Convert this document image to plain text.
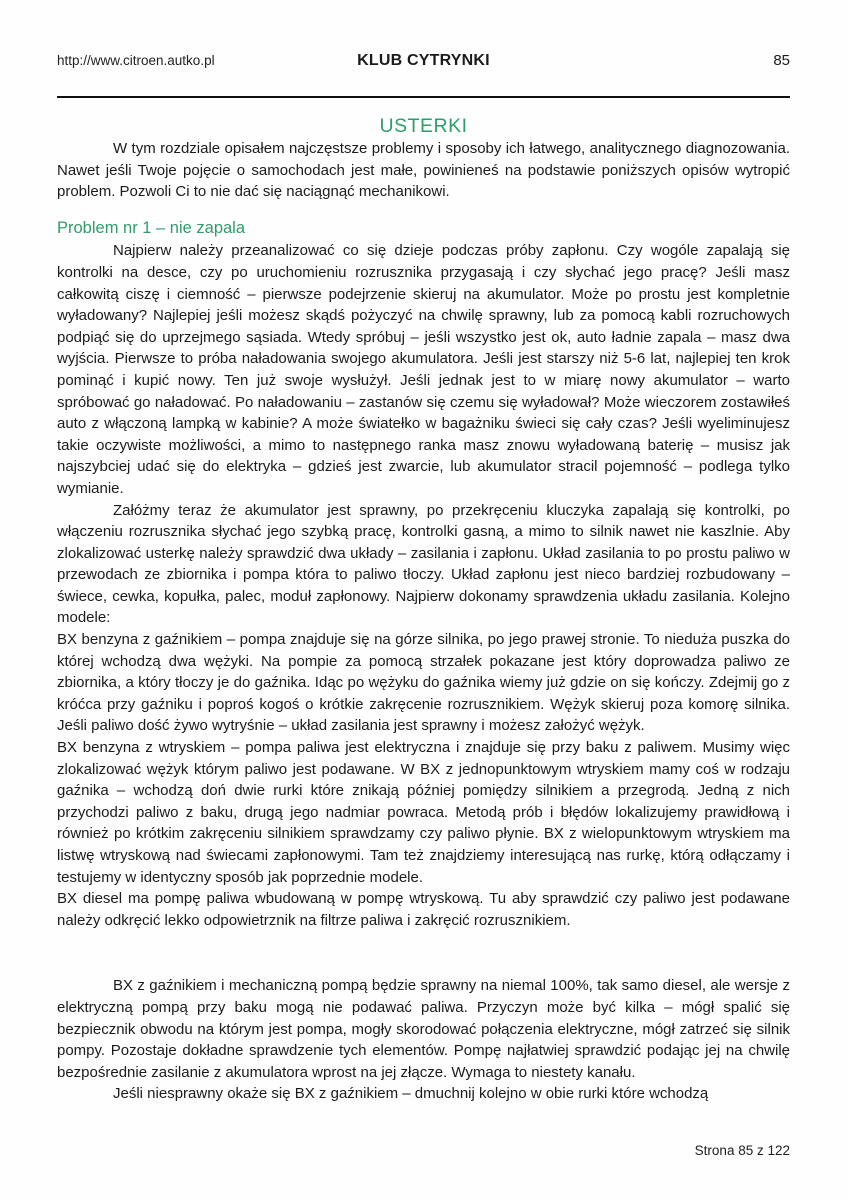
http://www.citroen.autko.pl	KLUB CYTRYNKI	85
USTERKI

W tym rozdziale opisałem najczęstsze problemy i sposoby ich łatwego, analitycznego diagnozowania. Nawet jeśli Twoje pojęcie o samochodach jest małe, powinieneś na podstawie poniższych opisów wytropić problem. Pozwoli Ci to nie dać się naciągnąć mechanikowi.

Problem nr 1 – nie zapala

Najpierw należy przeanalizować co się dzieje podczas próby zapłonu. Czy wogóle zapalają się kontrolki na desce, czy po uruchomieniu rozrusznika przygasają i czy słychać jego pracę? Jeśli masz całkowitą ciszę i ciemność – pierwsze podejrzenie skieruj na akumulator. Może po prostu jest kompletnie wyładowany? Najlepiej jeśli możesz skądś pożyczyć na chwilę sprawny, lub za pomocą kabli rozruchowych podpiąć się do uprzejmego sąsiada. Wtedy spróbuj – jeśli wszystko jest ok, auto ładnie zapala – masz dwa wyjścia. Pierwsze to próba naładowania swojego akumulatora. Jeśli jest starszy niż 5-6 lat, najlepiej ten krok pominąć i kupić nowy. Ten już swoje wysłużył. Jeśli jednak jest to w miarę nowy akumulator – warto spróbować go naładować. Po naładowaniu – zastanów się czemu się wyładował? Może wieczorem zostawiłeś auto z włączoną lampką w kabinie? A może światełko w bagażniku świeci się cały czas? Jeśli wyeliminujesz takie oczywiste możliwości, a mimo to następnego ranka masz znowu wyładowaną baterię – musisz jak najszybciej udać się do elektryka – gdzieś jest zwarcie, lub akumulator stracil pojemność – podlega tylko wymianie.

Załóżmy teraz że akumulator jest sprawny, po przekręceniu kluczyka zapalają się kontrolki, po włączeniu rozrusznika słychać jego szybką pracę, kontrolki gasną, a mimo to silnik nawet nie kaszlnie. Aby zlokalizować usterkę należy sprawdzić dwa układy – zasilania i zapłonu. Układ zasilania to po prostu paliwo w przewodach ze zbiornika i pompa która to paliwo tłoczy. Układ zapłonu jest nieco bardziej rozbudowany – świece, cewka, kopułka, palec, moduł zapłonowy. Najpierw dokonamy sprawdzenia układu zasilania. Kolejno modele:

BX benzyna z gaźnikiem – pompa znajduje się na górze silnika, po jego prawej stronie. To nieduża puszka do której wchodzą dwa wężyki. Na pompie za pomocą strzałek pokazane jest który doprowadza paliwo ze zbiornika, a który tłoczy je do gaźnika. Idąc po wężyku do gaźnika wiemy już gdzie on się kończy. Zdejmij go z króćca przy gaźniku i poproś kogoś o krótkie zakręcenie rozrusznikiem. Wężyk skieruj poza komorę silnika. Jeśli paliwo dość żywo wytryśnie – układ zasilania jest sprawny i możesz założyć wężyk.

BX benzyna z wtryskiem – pompa paliwa jest elektryczna i znajduje się przy baku z paliwem. Musimy więc zlokalizować wężyk którym paliwo jest podawane. W BX z jednopunktowym wtryskiem mamy coś w rodzaju gaźnika – wchodzą doń dwie rurki które znikają później pomiędzy silnikiem a przegrodą. Jedną z nich przychodzi paliwo z baku, drugą jego nadmiar powraca. Metodą prób i błędów lokalizujemy prawidłową i również po krótkim zakręceniu silnikiem sprawdzamy czy paliwo płynie. BX z wielopunktowym wtryskiem ma listwę wtryskową nad świecami zapłonowymi. Tam też znajdziemy interesującą nas rurkę, którą odłączamy i testujemy w identyczny sposób jak poprzednie modele.

BX diesel ma pompę paliwa wbudowaną w pompę wtryskową. Tu aby sprawdzić czy paliwo jest podawane należy odkręcić lekko odpowietrznik na filtrze paliwa i zakręcić rozrusznikiem.

BX z gaźnikiem i mechaniczną pompą będzie sprawny na niemal 100%, tak samo diesel, ale wersje z elektryczną pompą przy baku mogą nie podawać paliwa. Przyczyn może być kilka – mógł spalić się bezpiecznik obwodu na którym jest pompa, mogły skorodować połączenia elektryczne, mógł zatrzeć się silnik pompy. Pozostaje dokładne sprawdzenie tych elementów. Pompę najłatwiej sprawdzić podając jej na chwilę bezpośrednie zasilanie z akumulatora wprost na jej złącze. Wymaga to niestety kanału.

Jeśli niesprawny okaże się BX z gaźnikiem – dmuchnij kolejno w obie rurki które wchodzą

Strona 85 z 122
